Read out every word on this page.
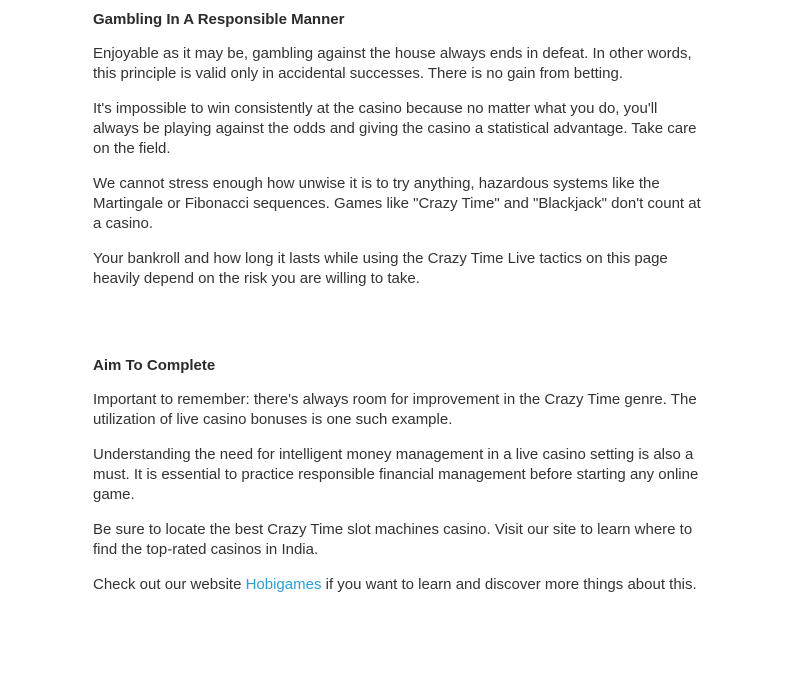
Gambling In A Responsible Manner

Enjoyable as it may be, gambling against the house always ends in defeat. In other words, this principle is valid only in accidental successes. There is no gain from betting.

It's impossible to win consistently at the casino because no matter what you do, you'll always be playing against the odds and giving the casino a statistical advantage. Take care on the field.

We cannot stress enough how unwise it is to try anything, hazardous systems like the Martingale or Fibonacci sequences. Games like "Crazy Time" and "Blackjack" don't count at a casino.

Your bankroll and how long it lasts while using the Crazy Time Live tactics on this page heavily depend on the risk you are willing to take.

Aim To Complete

Important to remember: there's always room for improvement in the Crazy Time genre. The utilization of live casino bonuses is one such example.

Understanding the need for intelligent money management in a live casino setting is also a must. It is essential to practice responsible financial management before starting any online game.

Be sure to locate the best Crazy Time slot machines casino. Visit our site to learn where to find the top-rated casinos in India.

Check out our website Hobigames if you want to learn and discover more things about this.
